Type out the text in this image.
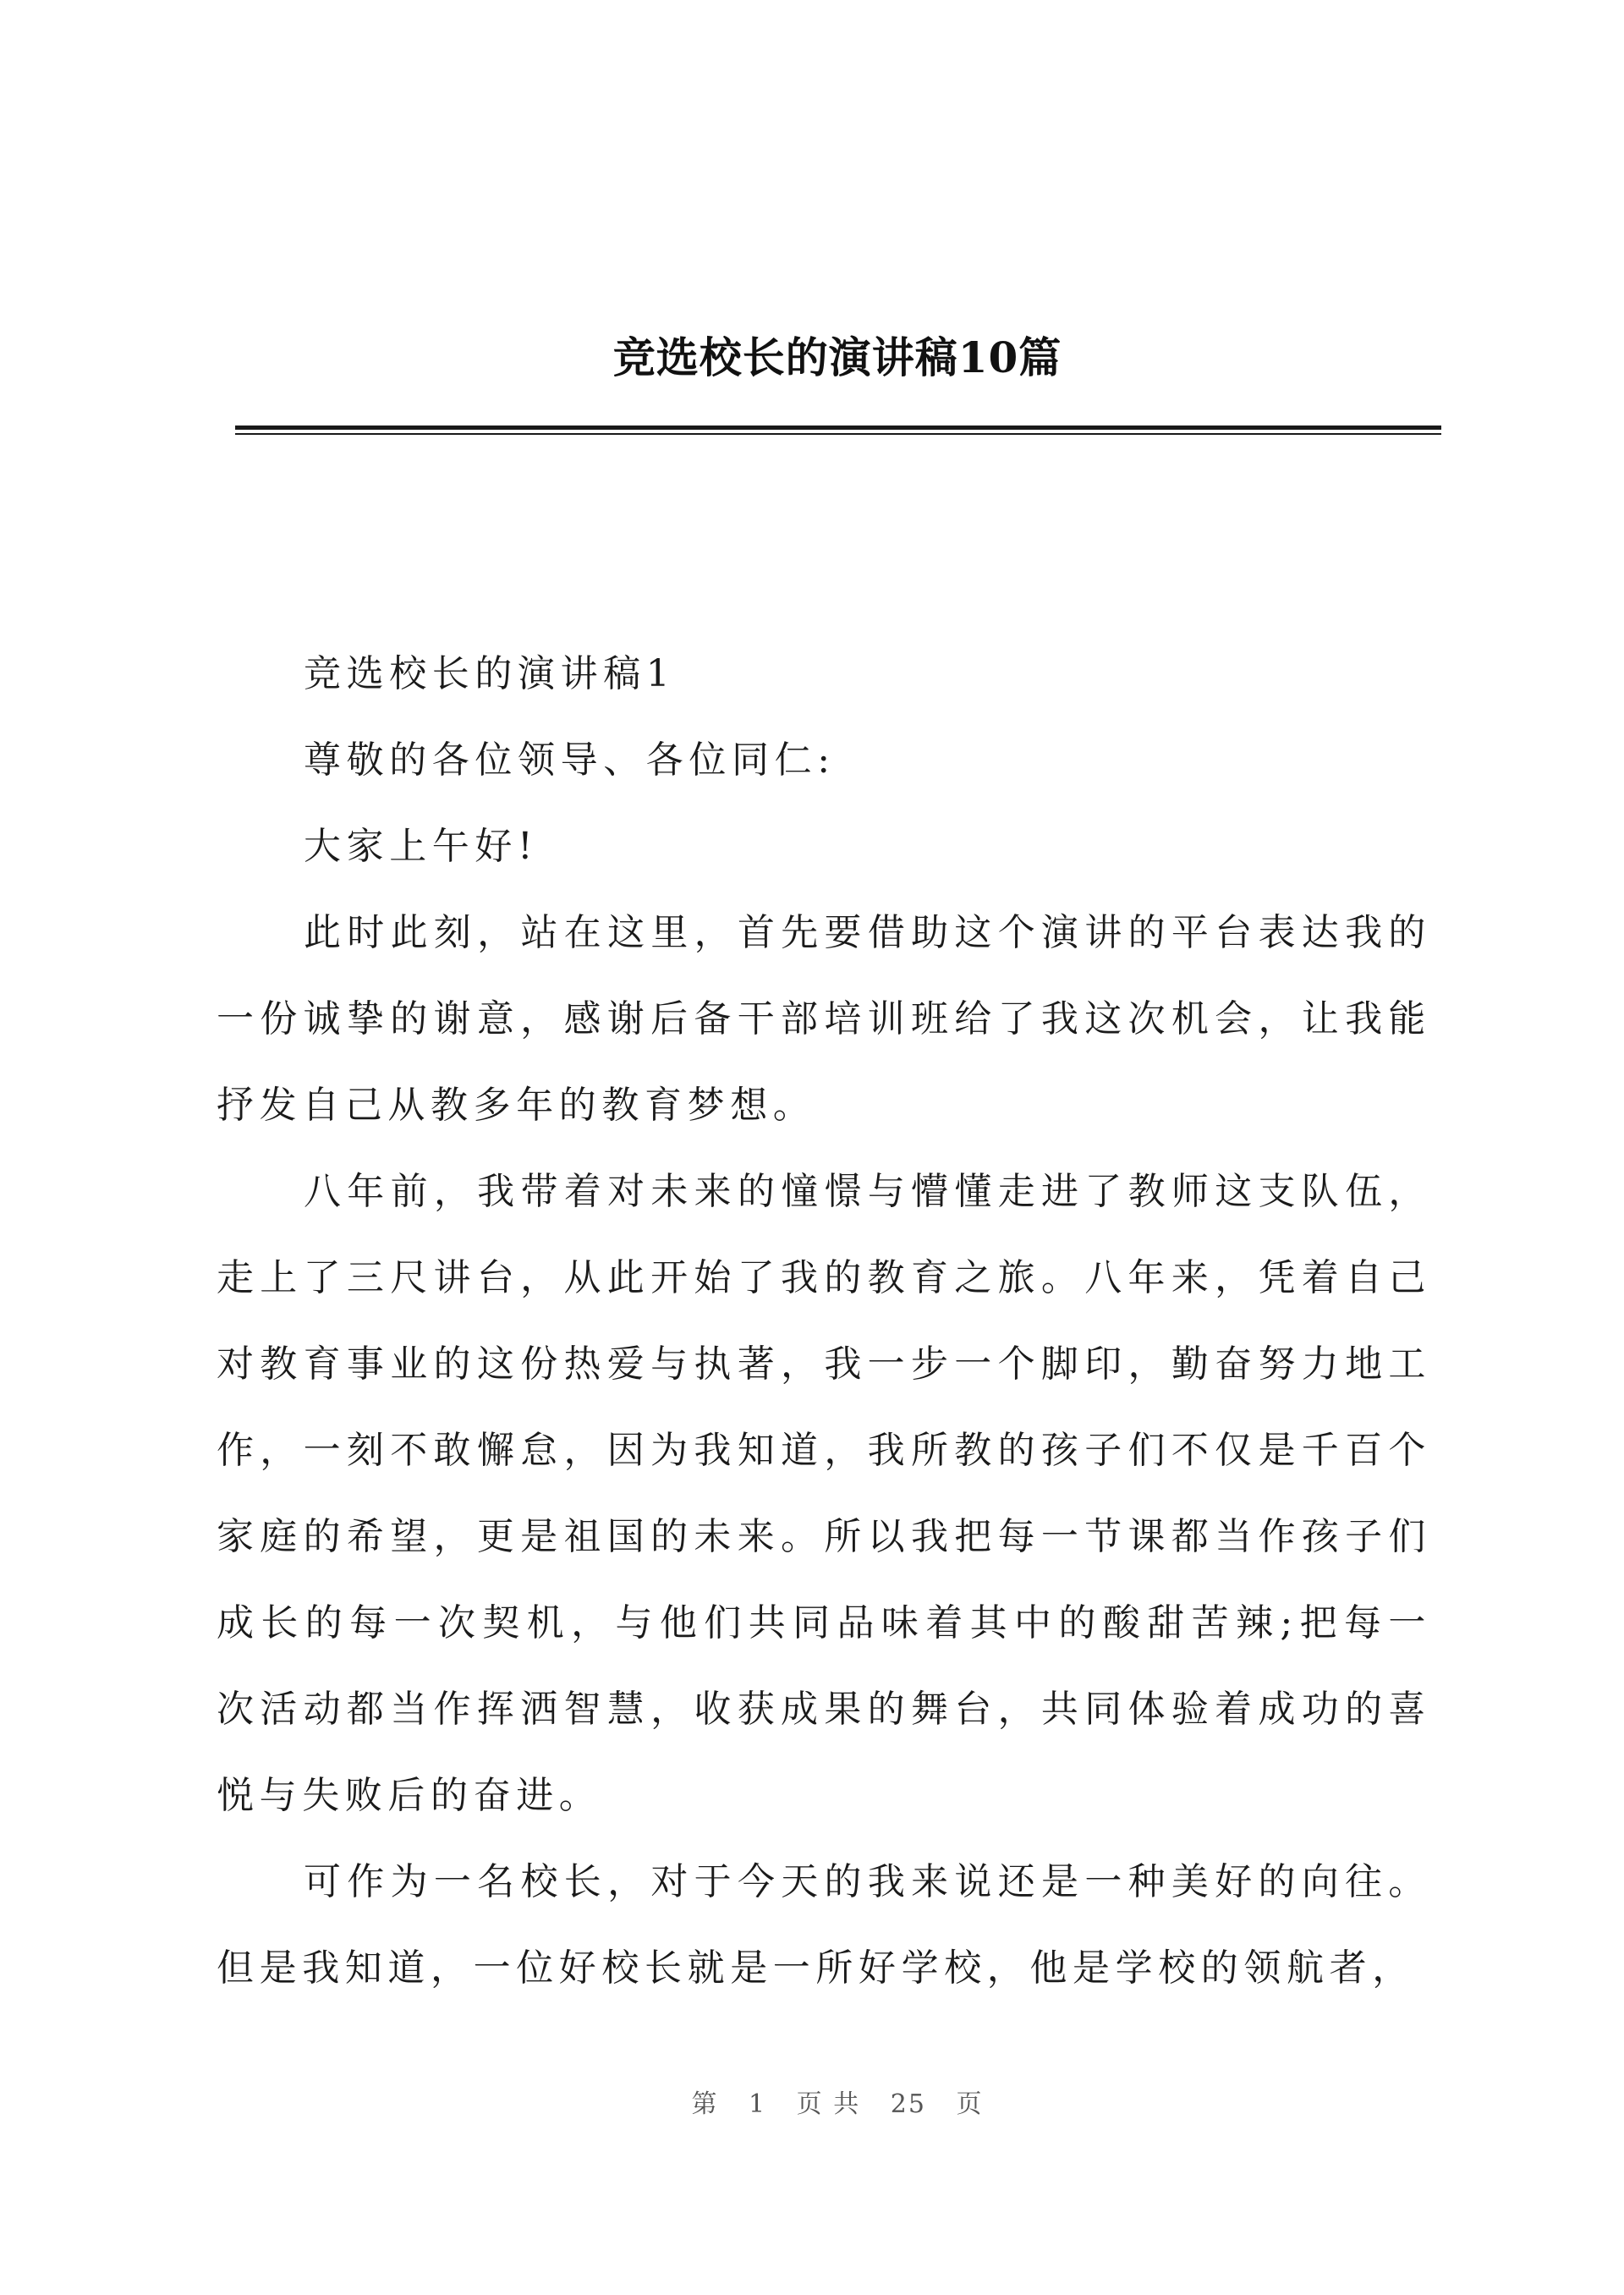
竞选校长的演讲稿10篇

竞选校长的演讲稿1

尊敬的各位领导、各位同仁:

大家上午好!

此时此刻，站在这里，首先要借助这个演讲的平台表达我的一份诚挚的谢意，感谢后备干部培训班给了我这次机会，让我能抒发自己从教多年的教育梦想。

八年前，我带着对未来的憧憬与懵懂走进了教师这支队伍，走上了三尺讲台，从此开始了我的教育之旅。八年来，凭着自己对教育事业的这份热爱与执著，我一步一个脚印，勤奋努力地工作，一刻不敢懈怠，因为我知道，我所教的孩子们不仅是千百个家庭的希望，更是祖国的未来。所以我把每一节课都当作孩子们成长的每一次契机，与他们共同品味着其中的酸甜苦辣;把每一次活动都当作挥洒智慧，收获成果的舞台，共同体验着成功的喜悦与失败后的奋进。

可作为一名校长，对于今天的我来说还是一种美好的向往。但是我知道，一位好校长就是一所好学校，他是学校的领航者，

第 1 页 共 25 页
